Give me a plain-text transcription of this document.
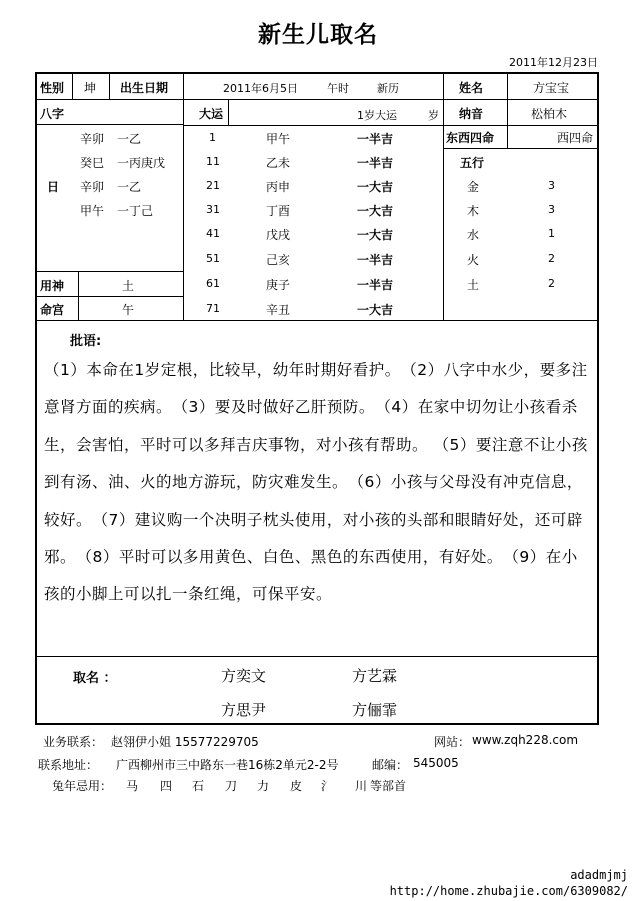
新生儿取名
2011年12月23日
性别 坤 出生日期	2011年6月5日	午时	新历	姓名	方宝宝
八字
辛卯 一乙
癸巳 一丙庚戊
日 辛卯 一乙
甲午 一丁己
用神	土
命宫	午
大运	1岁大运	岁
1	甲午	一半吉
11	乙未	一半吉
21	丙申	一大吉
31	丁酉	一大吉
41	戊戌	一大吉
51	己亥	一半吉
61	庚子	一半吉
71	辛丑	一大吉
纳音	松柏木
东西四命	西四命
五行
金	3
木	3
水	1
火	2
土	2
批语:
（1）本命在1岁定根，比较早，幼年时期好看护。　 （2）八字中水少，要多注意肾方面的疾病。　 （3）要及时做好乙肝预防。　 （4）在家中切勿让小孩看杀生，会害怕，平时可以多拜吉庆事物，对小孩有帮助。 （5）要注意不让小孩到有汤、油、火的地方游玩，防灾难发生。　 （6）小孩与父母没有冲克信息，较好。　 （7）建议购一个决明子枕头使用，对小孩的头部和眼睛好处，还可辟邪。　 （8）平时可以多用黄色、白色、黑色的东西使用，有好处。　 （9）在小孩的小脚上可以扎一条红绳，可保平安。
取名 ：	方奕文	方艺霖
方思尹	方俪霏
业务联系： 赵翎伊小姐 15577229705	网站： www.zqh228.com
联系地址： 广西柳州市三中路东一巷16栋2单元2-2号	邮编： 545005
兔年忌用： 马 四 石 刀 力 皮 氵 川 等部首
adadmjmj
http://home.zhubajie.com/6309082/
